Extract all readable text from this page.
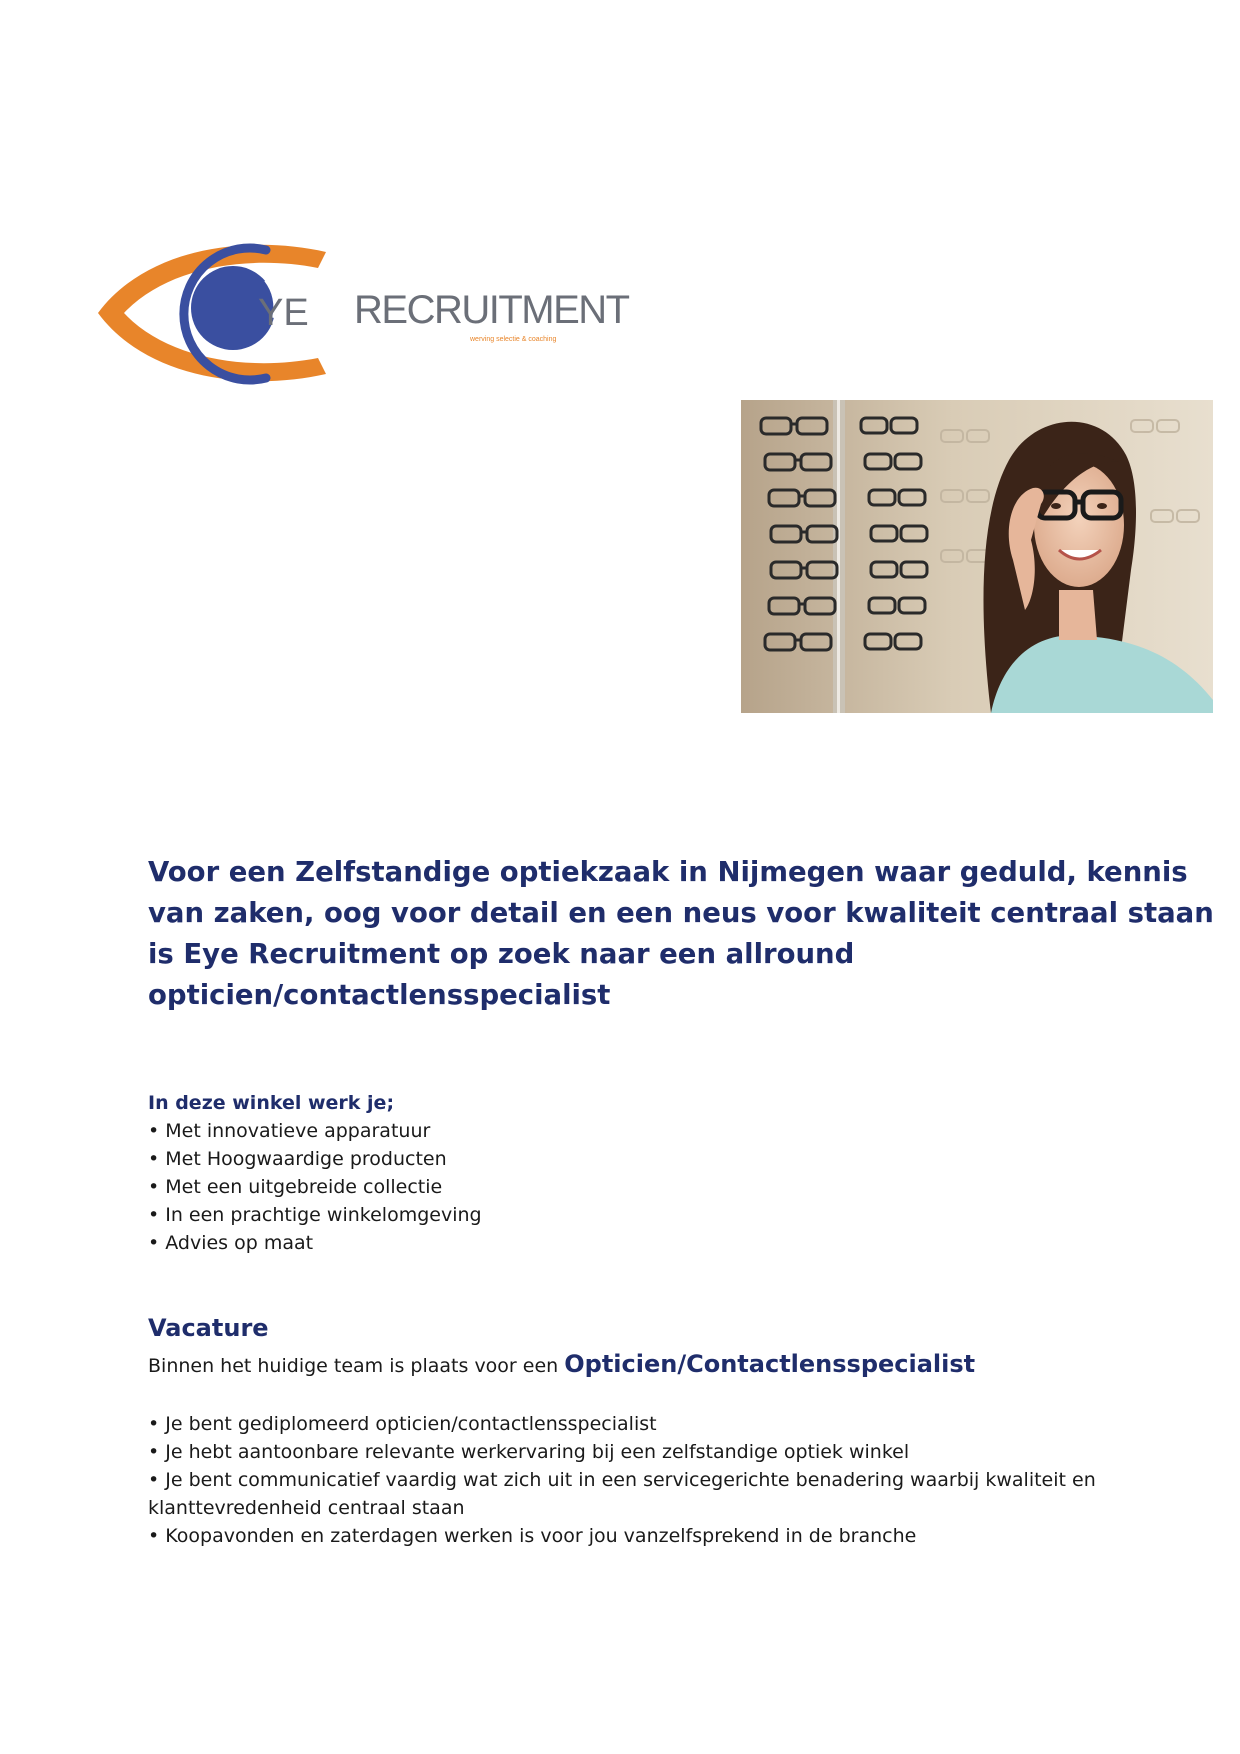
YE RECRUITMENT
werving selectie & coaching
Voor een Zelfstandige optiekzaak in Nijmegen waar geduld, kennis
van zaken, oog voor detail en een neus voor kwaliteit centraal staan
is Eye Recruitment op zoek naar een allround
opticien/contactlensspecialist
In deze winkel werk je;
• Met innovatieve apparatuur
• Met Hoogwaardige producten
• Met een uitgebreide collectie
• In een prachtige winkelomgeving
• Advies op maat
Vacature

Binnen het huidige team is plaats voor een Opticien/Contactlensspecialist

• Je bent gediplomeerd opticien/contactlensspecialist
• Je hebt aantoonbare relevante werkervaring bij een zelfstandige optiek winkel
• Je bent communicatief vaardig wat zich uit in een servicegerichte benadering waarbij kwaliteit en klanttevredenheid centraal staan
• Koopavonden en zaterdagen werken is voor jou vanzelfsprekend in de branche
